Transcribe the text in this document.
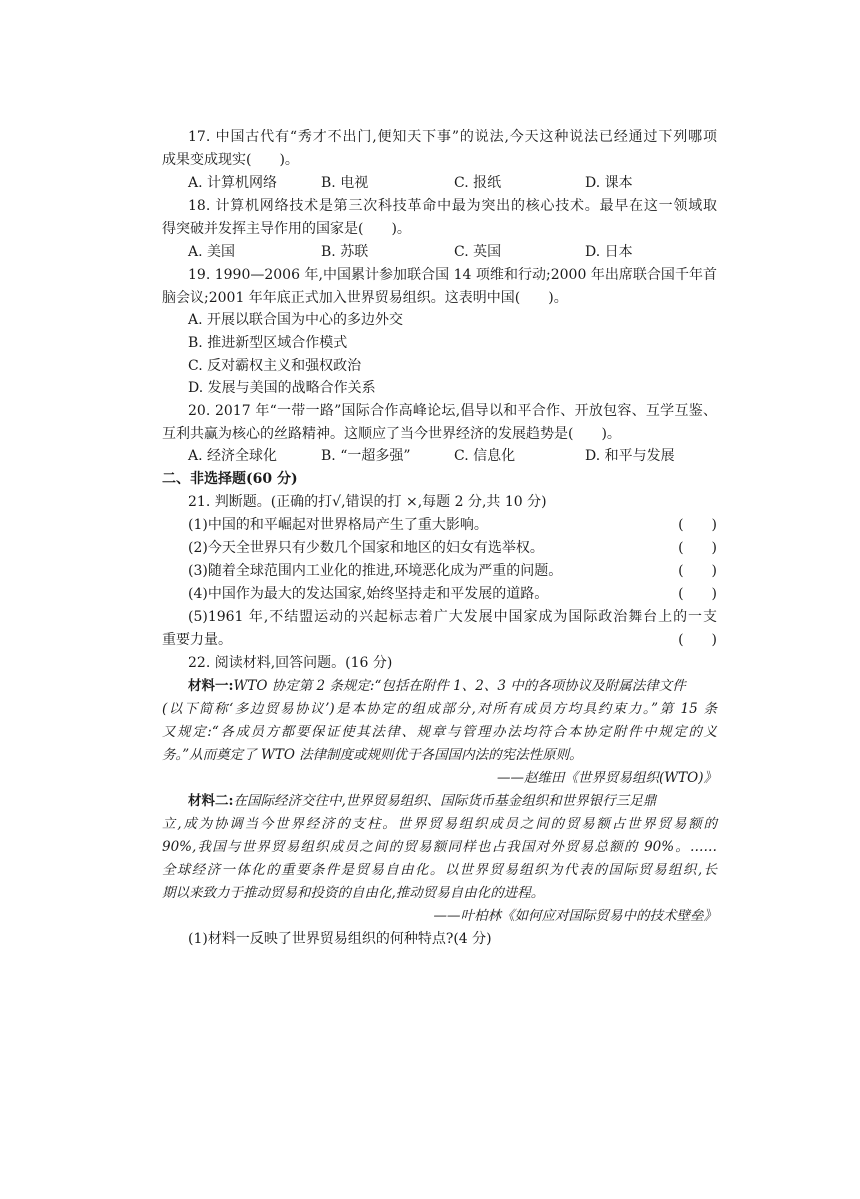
17. 中国古代有“秀才不出门,便知天下事”的说法,今天这种说法已经通过下列哪项
成果变成现实(　　)。
A. 计算机网络	B. 电视	C. 报纸	D. 课本
18. 计算机网络技术是第三次科技革命中最为突出的核心技术。最早在这一领域取
得突破并发挥主导作用的国家是(　　)。
A. 美国	B. 苏联	C. 英国	D. 日本
19. 1990—2006 年,中国累计参加联合国 14 项维和行动;2000 年出席联合国千年首
脑会议;2001 年年底正式加入世界贸易组织。这表明中国(　　)。
A. 开展以联合国为中心的多边外交
B. 推进新型区域合作模式
C. 反对霸权主义和强权政治
D. 发展与美国的战略合作关系
20. 2017 年“一带一路”国际合作高峰论坛,倡导以和平合作、开放包容、互学互鉴、
互利共赢为核心的丝路精神。这顺应了当今世界经济的发展趋势是(　　)。
A. 经济全球化	B. “一超多强”	C. 信息化	D. 和平与发展
二、非选择题(60 分)
21. 判断题。(正确的打√,错误的打 ×,每题 2 分,共 10 分)
(1)中国的和平崛起对世界格局产生了重大影响。	(　　)
(2)今天全世界只有少数几个国家和地区的妇女有选举权。	(　　)
(3)随着全球范围内工业化的推进,环境恶化成为严重的问题。	(　　)
(4)中国作为最大的发达国家,始终坚持走和平发展的道路。	(　　)
(5)1961 年,不结盟运动的兴起标志着广大发展中国家成为国际政治舞台上的一支
重要力量。	(　　)
22. 阅读材料,回答问题。(16 分)
材料一:WTO 协定第 2 条规定:“包括在附件 1、2、3 中的各项协议及附属法律文件
(以下简称‘多边贸易协议’)是本协定的组成部分,对所有成员方均具约束力。”第 15 条
又规定:“各成员方都要保证使其法律、规章与管理办法均符合本协定附件中规定的义
务。”从而奠定了 WTO 法律制度或规则优于各国国内法的宪法性原则。
——赵维田《世界贸易组织(WTO)》
材料二:在国际经济交往中,世界贸易组织、国际货币基金组织和世界银行三足鼎
立,成为协调当今世界经济的支柱。世界贸易组织成员之间的贸易额占世界贸易额的
90%,我国与世界贸易组织成员之间的贸易额同样也占我国对外贸易总额的 90%。……
全球经济一体化的重要条件是贸易自由化。以世界贸易组织为代表的国际贸易组织,长
期以来致力于推动贸易和投资的自由化,推动贸易自由化的进程。
——叶柏林《如何应对国际贸易中的技术壁垒》
(1)材料一反映了世界贸易组织的何种特点?(4 分)
